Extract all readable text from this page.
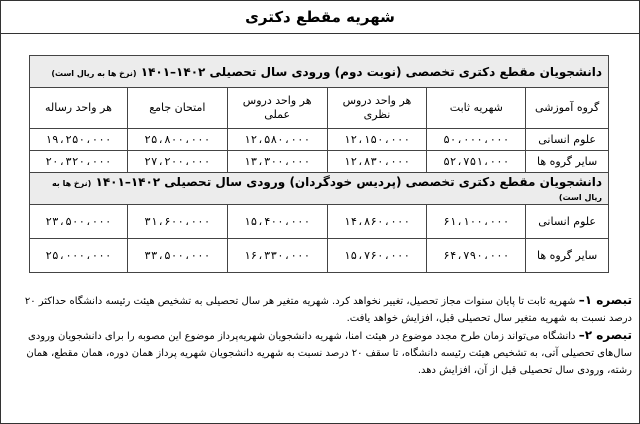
شهریه مقطع دکتری
دانشجویان مقطع دکتری تخصصی (نوبت دوم) ورودی سال تحصیلی ۱۴۰۲–۱۴۰۱ (نرخ ها به ریال است)					
گروه آموزشی	شهریه ثابت	هر واحد دروس نظری	هر واحد دروس عملی	امتحان جامع	هر واحد رساله
علوم انسانی	۵۰،۰۰۰،۰۰۰	۱۲،۱۵۰،۰۰۰	۱۲،۵۸۰،۰۰۰	۲۵،۸۰۰،۰۰۰	۱۹،۲۵۰،۰۰۰
سایر گروه ها	۵۲،۷۵۱،۰۰۰	۱۲،۸۳۰،۰۰۰	۱۳،۳۰۰،۰۰۰	۲۷،۲۰۰،۰۰۰	۲۰،۳۲۰،۰۰۰
دانشجویان مقطع دکتری تخصصی (پردیس خودگردان) ورودی سال تحصیلی ۱۴۰۲–۱۴۰۱ (نرخ ها به ریال است)					
علوم انسانی	۶۱،۱۰۰،۰۰۰	۱۴،۸۶۰،۰۰۰	۱۵،۴۰۰،۰۰۰	۳۱،۶۰۰،۰۰۰	۲۳،۵۰۰،۰۰۰
سایر گروه ها	۶۴،۷۹۰،۰۰۰	۱۵،۷۶۰،۰۰۰	۱۶،۳۳۰،۰۰۰	۳۳،۵۰۰،۰۰۰	۲۵،۰۰۰،۰۰۰

تبصره ۱– شهریه ثابت تا پایان سنوات مجاز تحصیل، تغییر نخواهد کرد. شهریه متغیر هر سال تحصیلی به تشخیص هیئت رئیسه دانشگاه حداکثر ۲۰ درصد نسبت به شهریه متغیر سال تحصیلی قبل، افزایش خواهد یافت.

تبصره ۲– دانشگاه می‌تواند زمان طرح مجدد موضوع در هیئت امنا، شهریه دانشجویان شهریه‌پرداز موضوع این مصوبه را برای دانشجویان ورودی سال‌های تحصیلی آتی، به تشخیص هیئت رئیسه دانشگاه، تا سقف ۲۰ درصد نسبت به شهریه دانشجویان شهریه پرداز همان دوره، همان مقطع، همان رشته، ورودی سال تحصیلی قبل از آن، افزایش دهد.
